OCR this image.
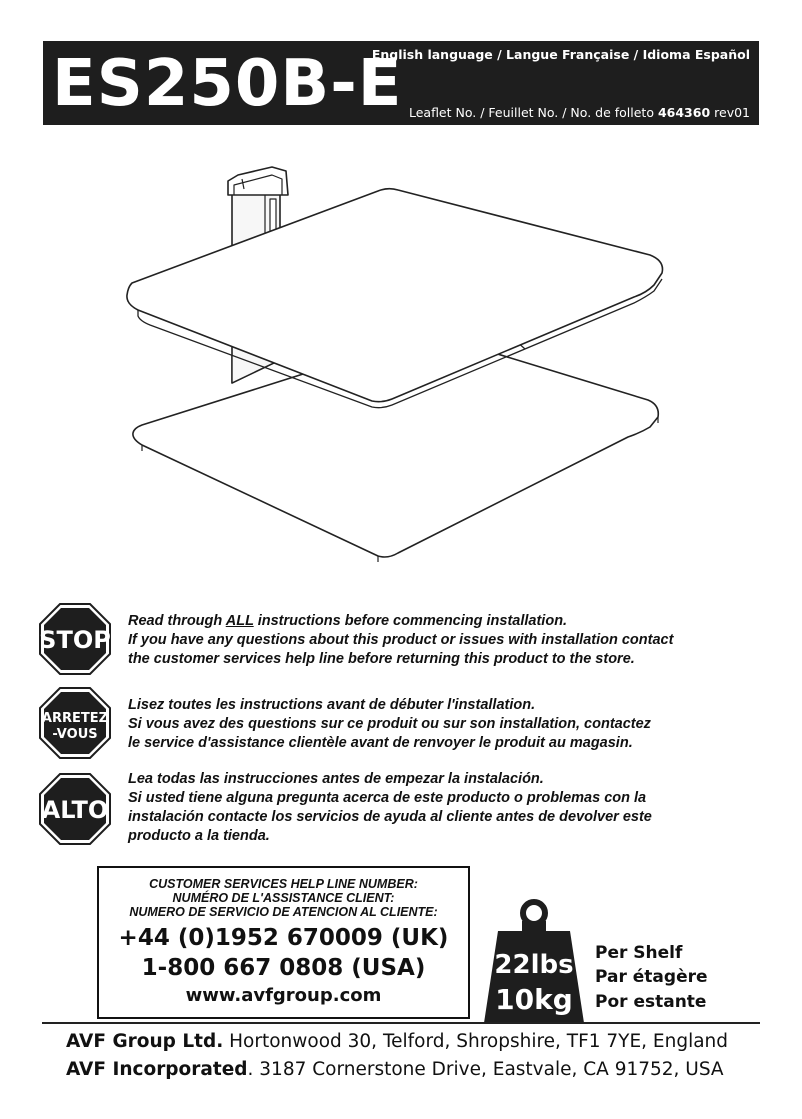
ES250B-E
English language / Langue Française / Idioma Español
Leaflet No. / Feuillet No. / No. de folleto 464360 rev01
STOP
Read through ALL instructions before commencing installation.
If you have any questions about this product or issues with installation contact
the customer services help line before returning this product to the store.
ARRETEZ
-VOUS
Lisez toutes les instructions avant de débuter l'installation.
Si vous avez des questions sur ce produit ou sur son installation, contactez
le service d'assistance clientèle avant de renvoyer le produit au magasin.
ALTO
Lea todas las instrucciones antes de empezar la instalación.
Si usted tiene alguna pregunta acerca de este producto o problemas con la
instalación contacte los servicios de ayuda al cliente antes de devolver este
producto a la tienda.
CUSTOMER SERVICES HELP LINE NUMBER:
NUMÉRO DE L'ASSISTANCE CLIENT:
NUMERO DE SERVICIO DE ATENCION AL CLIENTE:
+44 (0)1952 670009 (UK)
1-800 667 0808 (USA)
www.avfgroup.com
22lbs
10kg
Per Shelf
Par étagère
Por estante
AVF Group Ltd. Hortonwood 30, Telford, Shropshire, TF1 7YE, England
AVF Incorporated. 3187 Cornerstone Drive, Eastvale, CA 91752, USA
